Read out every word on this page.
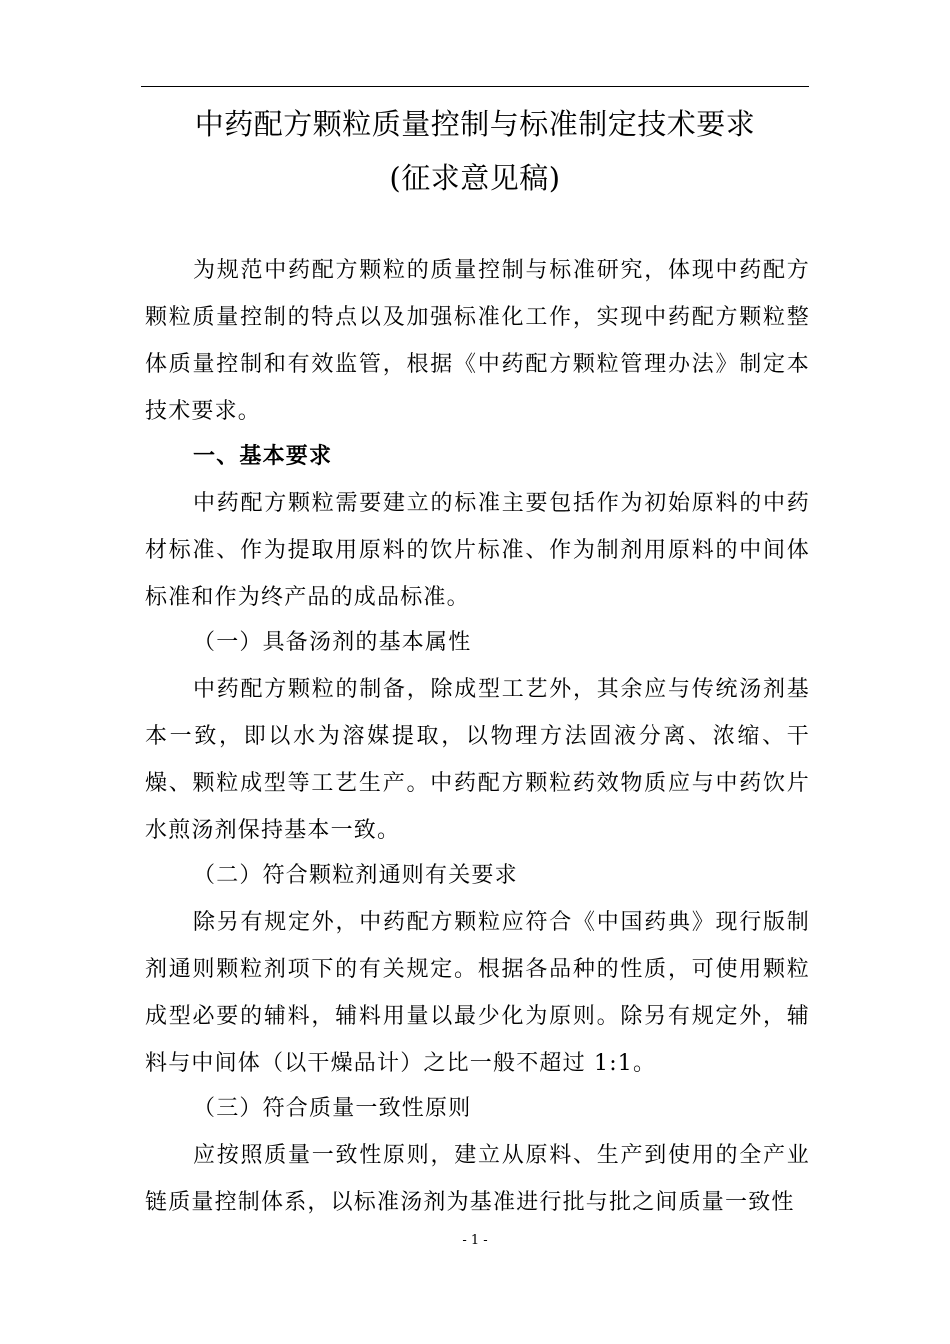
中药配方颗粒质量控制与标准制定技术要求
(征求意见稿)

为规范中药配方颗粒的质量控制与标准研究，体现中药配方颗粒质量控制的特点以及加强标准化工作，实现中药配方颗粒整体质量控制和有效监管，根据《中药配方颗粒管理办法》制定本技术要求。

一、基本要求

中药配方颗粒需要建立的标准主要包括作为初始原料的中药材标准、作为提取用原料的饮片标准、作为制剂用原料的中间体标准和作为终产品的成品标准。

（一）具备汤剂的基本属性

中药配方颗粒的制备，除成型工艺外，其余应与传统汤剂基本一致，即以水为溶媒提取，以物理方法固液分离、浓缩、干燥、颗粒成型等工艺生产。中药配方颗粒药效物质应与中药饮片水煎汤剂保持基本一致。

（二）符合颗粒剂通则有关要求

除另有规定外，中药配方颗粒应符合《中国药典》现行版制剂通则颗粒剂项下的有关规定。根据各品种的性质，可使用颗粒成型必要的辅料，辅料用量以最少化为原则。除另有规定外，辅料与中间体（以干燥品计）之比一般不超过 1:1。

（三）符合质量一致性原则

应按照质量一致性原则，建立从原料、生产到使用的全产业链质量控制体系，以标准汤剂为基准进行批与批之间质量一致性

- 1 -
